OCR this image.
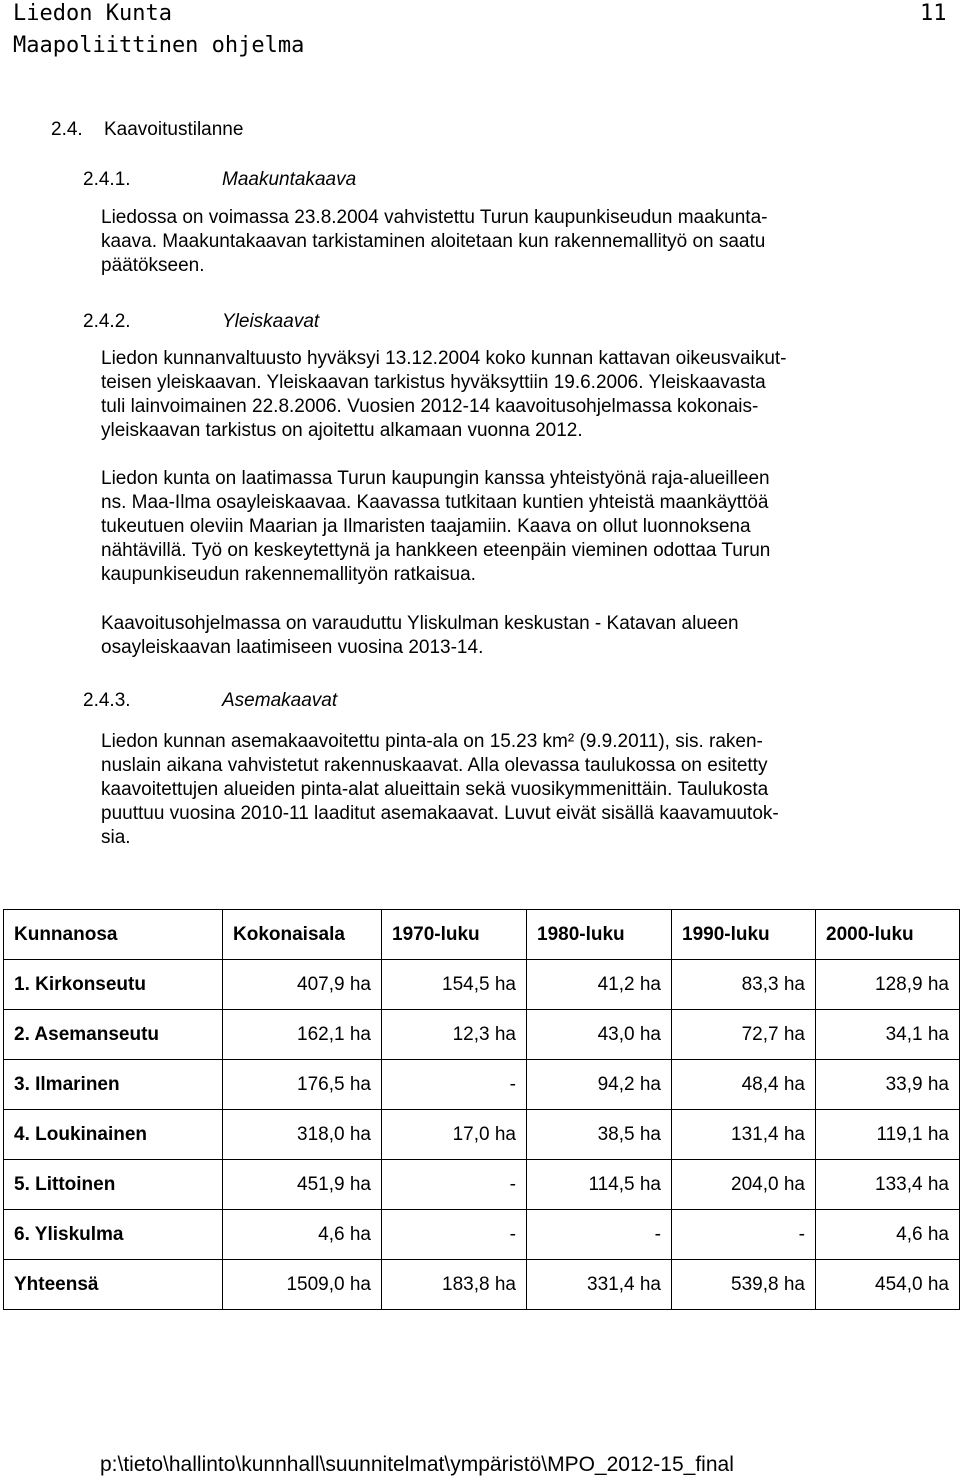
Liedon Kunta
Maapoliittinen ohjelma
11
2.4. Kaavoitustilanne
2.4.1.	Maakuntakaava
Liedossa on voimassa 23.8.2004 vahvistettu Turun kaupunkiseudun maakunta-
kaava. Maakuntakaavan tarkistaminen aloitetaan kun rakennemallityö on saatu
päätökseen.
2.4.2.	Yleiskaavat
Liedon kunnanvaltuusto hyväksyi 13.12.2004 koko kunnan kattavan oikeusvaikut-
teisen yleiskaavan. Yleiskaavan tarkistus hyväksyttiin 19.6.2006. Yleiskaavasta
tuli lainvoimainen 22.8.2006. Vuosien 2012-14 kaavoitusohjelmassa kokonais-
yleiskaavan tarkistus on ajoitettu alkamaan vuonna 2012.
Liedon kunta on laatimassa Turun kaupungin kanssa yhteistyönä raja-alueilleen
ns. Maa-Ilma osayleiskaavaa. Kaavassa tutkitaan kuntien yhteistä maankäyttöä
tukeutuen oleviin Maarian ja Ilmaristen taajamiin. Kaava on ollut luonnoksena
nähtävillä. Työ on keskeytettynä ja hankkeen eteenpäin vieminen odottaa Turun
kaupunkiseudun rakennemallityön ratkaisua.
Kaavoitusohjelmassa on varauduttu Yliskulman keskustan - Katavan alueen
osayleiskaavan laatimiseen vuosina 2013-14.
2.4.3.	Asemakaavat
Liedon kunnan asemakaavoitettu pinta-ala on 15.23 km² (9.9.2011), sis. raken-
nuslain aikana vahvistetut rakennuskaavat. Alla olevassa taulukossa on esitetty
kaavoitettujen alueiden pinta-alat alueittain sekä vuosikymmenittäin. Taulukosta
puuttuu vuosina 2010-11 laaditut asemakaavat. Luvut eivät sisällä kaavamuutok-
sia.
Kunnanosa	Kokonaisala	1970-luku	1980-luku	1990-luku	2000-luku
1. Kirkonseutu	407,9 ha	154,5 ha	41,2 ha	83,3 ha	128,9 ha
2. Asemanseutu	162,1 ha	12,3 ha	43,0 ha	72,7 ha	34,1 ha
3. Ilmarinen	176,5 ha	-	94,2 ha	48,4 ha	33,9 ha
4. Loukinainen	318,0 ha	17,0 ha	38,5 ha	131,4 ha	119,1 ha
5. Littoinen	451,9 ha	-	114,5 ha	204,0 ha	133,4 ha
6. Yliskulma	4,6 ha	-	-	-	4,6 ha
Yhteensä	1509,0 ha	183,8 ha	331,4 ha	539,8 ha	454,0 ha
p:\tieto\hallinto\kunnhall\suunnitelmat\ympäristö\MPO_2012-15_final
